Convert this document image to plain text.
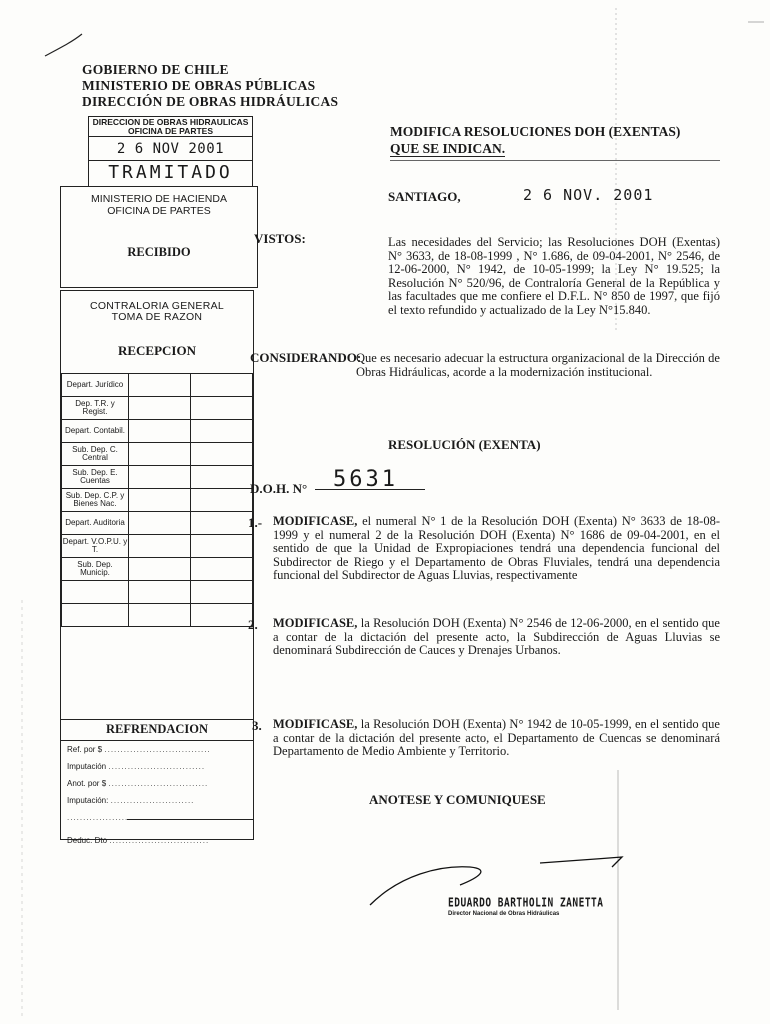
GOBIERNO DE CHILE
MINISTERIO DE OBRAS PÚBLICAS
DIRECCIÓN DE OBRAS HIDRÁULICAS
DIRECCION DE OBRAS HIDRAULICAS
OFICINA DE PARTES
2 6 NOV 2001
TRAMITADO
MINISTERIO DE HACIENDA
OFICINA DE PARTES
RECIBIDO
CONTRALORIA GENERAL
TOMA DE RAZON
RECEPCION
Depart. Jurídico		
Dep. T.R. y Regist.		
Depart. Contabil.		
Sub. Dep. C. Central		
Sub. Dep. E. Cuentas		
Sub. Dep. C.P. y Bienes Nac.		
Depart. Auditoria		
Depart. V.O.P.U. y T.		
Sub. Dep. Municip.		

REFRENDACION
Ref. por $ .................................
Imputación ..............................
Anot. por $ ...............................
Imputación: ..........................
..........................................
Deduc. Dto ...............................
MODIFICA RESOLUCIONES DOH (EXENTAS)
QUE SE INDICAN.
SANTIAGO,	2 6 NOV. 2001
VISTOS:	Las necesidades del Servicio; las Resoluciones DOH (Exentas) N° 3633, de 18-08-1999 , N° 1.686, de 09-04-2001, N° 2546, de 12-06-2000, N° 1942, de 10-05-1999; la Ley N° 19.525; la Resolución N° 520/96, de Contraloría General de la República y las facultades que me confiere el D.F.L. N° 850 de 1997, que fijó el texto refundido y actualizado de la Ley N°15.840.
CONSIDERANDO:
Que es necesario adecuar la estructura organizacional de la Dirección de Obras Hidráulicas, acorde a la modernización institucional.
RESOLUCIÓN (EXENTA)
D.O.H. N° 5631
1.- MODIFICASE, el numeral N° 1 de la Resolución DOH (Exenta) N° 3633 de 18-08-1999 y el numeral 2 de la Resolución DOH (Exenta) N° 1686 de 09-04-2001, en el sentido de que la Unidad de Expropiaciones tendrá una dependencia funcional del Subdirector de Riego y el Departamento de Obras Fluviales, tendrá una dependencia funcional del Subdirector de Aguas Lluvias, respectivamente
2. MODIFICASE, la Resolución DOH (Exenta) N° 2546 de 12-06-2000, en el sentido que a contar de la dictación del presente acto, la Subdirección de Aguas Lluvias se denominará Subdirección de Cauces y Drenajes Urbanos.
3. MODIFICASE, la Resolución DOH (Exenta) N° 1942 de 10-05-1999, en el sentido que a contar de la dictación del presente acto, el Departamento de Cuencas se denominará Departamento de Medio Ambiente y Territorio.
ANOTESE Y COMUNIQUESE
EDUARDO BARTHOLIN ZANETTA
Director Nacional de Obras Hidráulicas
